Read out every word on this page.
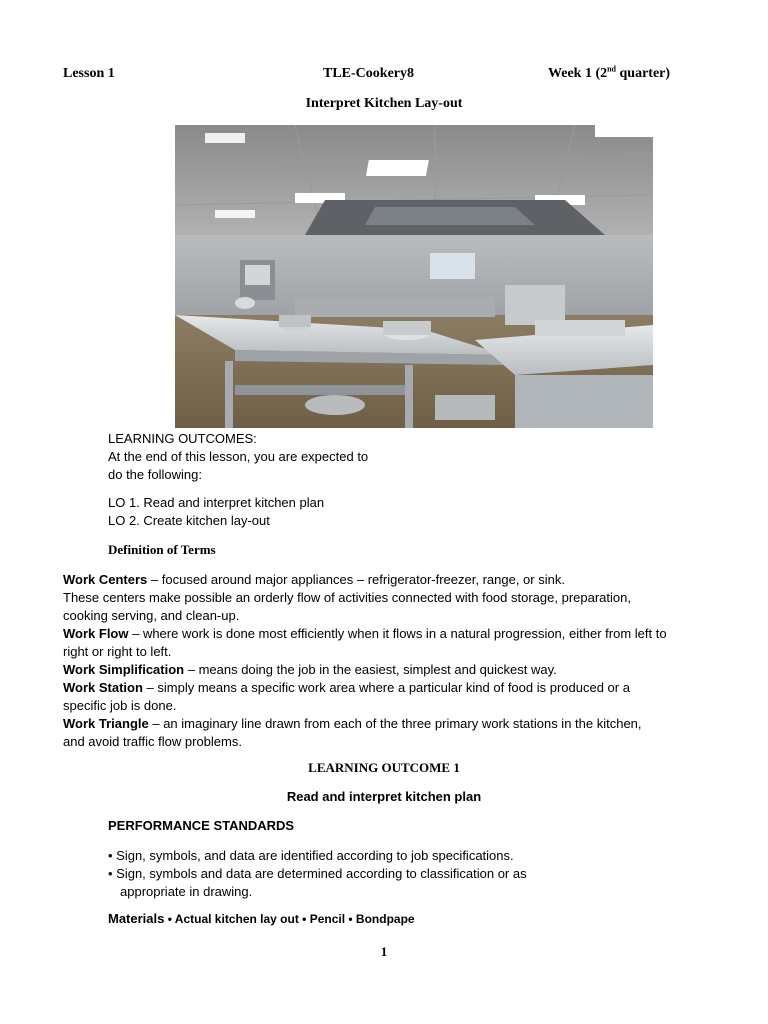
Lesson 1	TLE-Cookery8	Week 1 (2nd quarter)
Interpret Kitchen Lay-out
LEARNING OUTCOMES:
At the end of this lesson, you are expected to
do the following:
LO 1. Read and interpret kitchen plan
LO 2. Create kitchen lay-out
Definition of Terms
Work Centers – focused around major appliances – refrigerator-freezer, range, or sink.
These centers make possible an orderly flow of activities connected with food storage, preparation,
cooking serving, and clean-up.
Work Flow – where work is done most efficiently when it flows in a natural progression, either from left to
right or right to left.
Work Simplification – means doing the job in the easiest, simplest and quickest way.
Work Station – simply means a specific work area where a particular kind of food is produced or a
specific job is done.
Work Triangle – an imaginary line drawn from each of the three primary work stations in the kitchen,
and avoid traffic flow problems.
LEARNING OUTCOME 1
Read and interpret kitchen plan
PERFORMANCE STANDARDS
• Sign, symbols, and data are identified according to job specifications.
• Sign, symbols and data are determined according to classification or as
appropriate in drawing.
Materials • Actual kitchen lay out • Pencil • Bondpape
1
